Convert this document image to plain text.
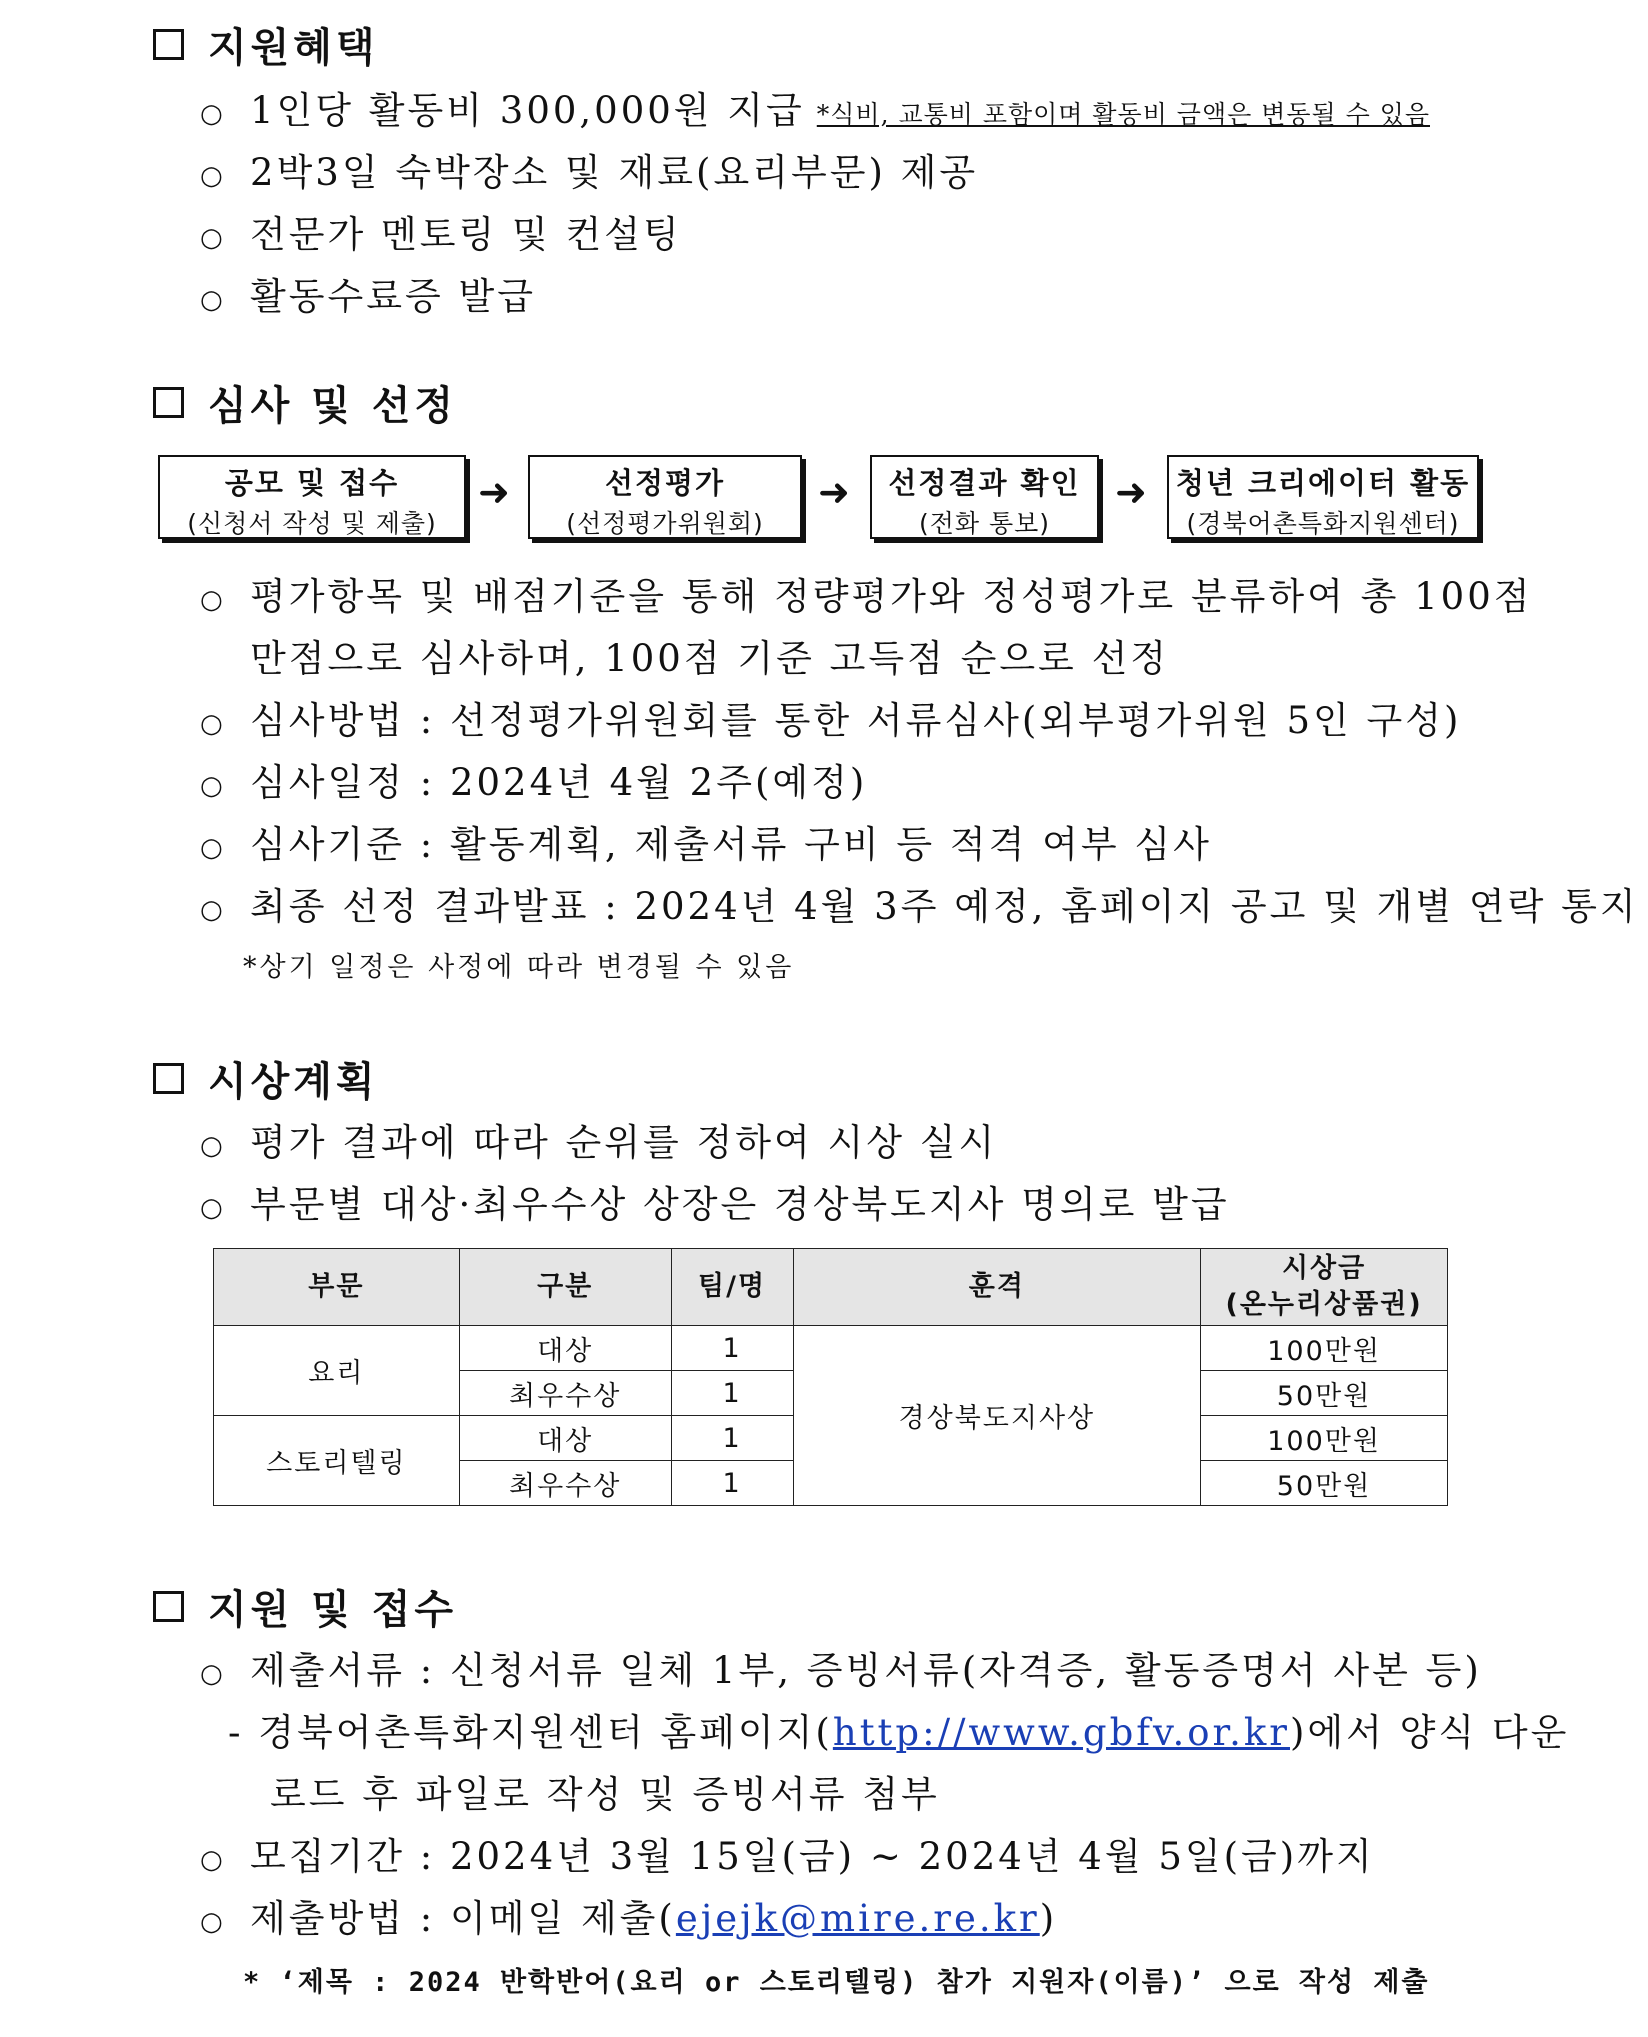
지원혜택
○ 1인당 활동비 300,000원 지급 *식비, 교통비 포함이며 활동비 금액은 변동될 수 있음
○ 2박3일 숙박장소 및 재료(요리부문) 제공
○ 전문가 멘토링 및 컨설팅
○ 활동수료증 발급
심사 및 선정
공모 및 접수
(신청서 작성 및 제출)
➜	선정평가
(선정평가위원회)
➜	선정결과 확인
(전화 통보)
➜ 청년 크리에이터 활동
(경북어촌특화지원센터)
○ 평가항목 및 배점기준을 통해 정량평가와 정성평가로 분류하여 총 100점
만점으로 심사하며, 100점 기준 고득점 순으로 선정
○ 심사방법 : 선정평가위원회를 통한 서류심사(외부평가위원 5인 구성)
○ 심사일정 : 2024년 4월 2주(예정)
○ 심사기준 : 활동계획, 제출서류 구비 등 적격 여부 심사
○ 최종 선정 결과발표 : 2024년 4월 3주 예정, 홈페이지 공고 및 개별 연락 통지
*상기 일정은 사정에 따라 변경될 수 있음
시상계획
○ 평가 결과에 따라 순위를 정하여 시상 실시
○ 부문별 대상·최우수상 상장은 경상북도지사 명의로 발급
부문	구분	팀/명	훈격	시상금
(온누리상품권)

요리	대상	1	경상북도지사상	100만원
	최우수상	1		50만원
스토리텔링	대상	1		100만원
	최우수상	1		50만원
지원 및 접수
○ 제출서류 : 신청서류 일체 1부, 증빙서류(자격증, 활동증명서 사본 등)
- 경북어촌특화지원센터 홈페이지(http://www.gbfv.or.kr)에서 양식 다운
로드 후 파일로 작성 및 증빙서류 첨부
○ 모집기간 : 2024년 3월 15일(금) ~ 2024년 4월 5일(금)까지
○ 제출방법 : 이메일 제출(ejejk@mire.re.kr)
* ‘제목 : 2024 반학반어(요리 or 스토리텔링) 참가 지원자(이름)’ 으로 작성 제출
